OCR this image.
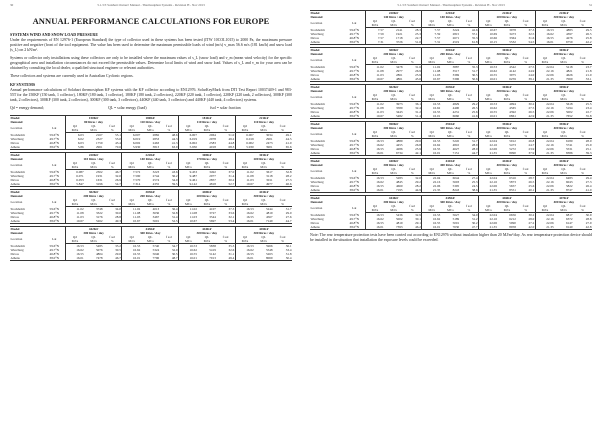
30	5.1.3 E Solahart Owners' Manual - Thermosiphon Systems - Revision H - Nov 2013
ANNUAL PERFORMANCE CALCULATIONS FOR EUROPE
SYSTEMS WIND AND SNOW LOAD PRESSURE
Under the requirements of EN 12976-1 (European Standard) the type of collector used in these systems has been tested (ITW 10COL1015) to 2000 Pa, the maximum pressure positive and negative (front of the tool equipment. The value has been used to determine the maximum permissible loads of wind (m/s) v_max 56.6 m/s (181 km/h) and snow load (s_L) on 2 kN/m².
Systems or collector only installations using these collectors are only to be installed where the maximum values of s_L (snow load) and v_m (mean wind velocity) for the specific geographical area and installation circumstances do not exceed the permissible values. Determine local limits of wind and snow load. Values of s_L and v_m for your area can be obtained by consulting the local dealer, a qualified structural engineer or relevant authorities.
These collectors and systems are currently used in Australian Cyclonic regions.
KF SYSTEMS
Annual performance calculations of Solahart thermosiphon KF systems with the KF collector according to EN12976. SolarKeyMark from DTI Test Report 10037449-1 and 983-55T for the 150KF (150 tank, 1 collector), 180KF (180 tank, 1 collector), 180KF (180 tank, 2 collectors), 220KF (220 tank, 1 collector), 220KF (220 tank, 2 collectors), 300KF (300 tank, 2 collectors), 300KF (300 tank, 2 collectors), 300KF (300 tank, 3 collectors), 440KF (440 tank, 3 collectors) and 440KF (440 tank, 4 collectors) systems.
Qd = energy demand;	QL = solar energy (load)	fsol = solar fraction
Model		150KF			180KF			181KF			221KF		
Demand		80 litres / day			110 litres / day			110 litres / day			110 litres / day		
Location	Lat	Qd	QL	f sol	Qd	QL	f sol	Qd	QL	f sol	Qd	QL	f sol
		MJ/a	MJ/a	%	MJ/a	MJ/a	%	MJ/a	MJ/a	%	MJ/a	MJ/a	%
Stockholm	59.6°N	6.03	2167	55.1	6.007	2882	48.6	6.007	2964	51.0	6.007	3034	49.1
Wurzburg	49.7°N	6.02	2327	53.0	6.019	2853	44.3	6.019	2978	49.2	6.019	2901	44.5
Davos	46.8°N	6.03	1759	43.4	6.002	2463	41.3	6.002	2583	44.8	6.002	2473	41.0
Athens	38.0°N	5.86	2961	70.6	5.930	3813	63.9	5.930	4018	68.3	5.930	3901	65.6
Model		220KF			222KF			300KF			301KF		
Demand		110 litres / day			140 litres / day			170 litres / day			200 litres / day		
Location	Lat	Qd	QL	f sol	Qd	QL	f sol	Qd	QL	f sol	Qd	QL	f sol
		MJ/a	MJ/a	%	MJ/a	MJ/a	%	MJ/a	MJ/a	%	MJ/a	MJ/a	%
Stockholm	59.6°N	6.087	2302	46.7	7.572	3223	43.6	9.453	3492	37.0	11.02	3617	32.8
Wurzburg	49.7°N	6.071	1931	32.0	7.590	2744	36.2	9.487	2977	31.4	11.08	3118	28.2
Davos	46.8°N	6.053	1631	26.9	7.570	2574	34.0	9.461	2857	30.2	11.03	3011	27.3
Athens	38.0°N	5.847	3196	54.7	7.314	4355	59.5	9.142	4818	52.7	10.67	4977	46.6
Model		302KF			303KF			440KF			441KF		
Demand		200 litres / day			200 litres / day			200 litres / day			300 litres / day		
Location	Lat	Qd	QL	f sol	Qd	QL	f sol	Qd	QL	f sol	Qd	QL	f sol
		MJ/a	MJ/a	%	MJ/a	MJ/a	%	MJ/a	MJ/a	%	MJ/a	MJ/a	%
Stockholm	59.6°N	11.02	3748	34.0	11.02	4013	36.4	11.02	4107	37.3	16.53	5244	31.7
Wurzburg	49.7°N	11.08	3322	30.0	11.08	3636	32.8	11.08	3727	33.6	16.62	4819	29.0
Davos	46.8°N	11.03	3176	28.8	11.03	3467	31.4	11.03	3544	32.1	16.55	4567	27.6
Athens	38.0°N	10.67	5262	49.3	10.67	5601	52.5	10.67	5697	53.4	16.01	7149	44.7
Model		442KF			443KF			444KF			445KF		
Demand		300 litres / day			300 litres / day			300 litres / day			300 litres / day		
Location	Lat	Qd	QL	f sol	Qd	QL	f sol	Qd	QL	f sol	Qd	QL	f sol
		MJ/a	MJ/a	%	MJ/a	MJ/a	%	MJ/a	MJ/a	%	MJ/a	MJ/a	%
Stockholm	59.6°N	16.53	5485	33.2	16.53	5740	34.7	16.53	5838	35.3	16.53	5966	36.1
Wurzburg	49.7°N	16.62	5076	30.5	16.62	5324	32.0	16.62	5419	32.6	16.62	5548	33.4
Davos	46.8°N	16.55	4804	29.0	16.55	5046	30.5	16.55	5142	31.1	16.55	5263	31.8
Athens	38.0°N	16.01	7478	46.7	16.01	7796	48.7	16.01	7913	49.4	16.01	8069	50.4
5.1.3 E Solahart Owners' Manual - Thermosiphon Systems - Revision H - Nov 2013	31
Model		220KF			221KF			222KF			223KF		
Demand		140 litres / day			140 litres / day			200 litres / day			300 litres / day		
Location	Lat	Qd	QL	f sol	Qd	QL	f sol	Qd	QL	f sol	Qd	QL	f sol
		MJ/a	MJ/a	%	MJ/a	MJ/a	%	MJ/a	MJ/a	%	MJ/a	MJ/a	%
Stockholm	59.6°N	7.57	2141	28.3	7.57	3224	42.6	10.67	3978	37.3	16.53	4883	29.5
Wurzburg	49.7°N	7.59	1921	25.3	7.59	2815	37.1	10.69	3473	32.5	16.62	4397	26.5
Davos	46.8°N	7.57	1718	22.7	7.57	2671	35.3	10.66	3364	31.6	16.55	4276	25.8
Athens	38.0°N	7.31	3726	51.0	7.31	4519	61.8	10.15	5532	54.5	16.01	6759	42.2
Model		300KF			301KF			302KF			303KF		
Demand		200 litres / day			200 litres / day			300 litres / day			400 litres / day		
Location	Lat	Qd	QL	f sol	Qd	QL	f sol	Qd	QL	f sol	Qd	QL	f sol
		MJ/a	MJ/a	%	MJ/a	MJ/a	%	MJ/a	MJ/a	%	MJ/a	MJ/a	%
Stockholm	59.6°N	11.02	3478	31.6	11.02	3887	35.3	16.53	4542	27.5	22.04	5218	23.7
Wurzburg	49.7°N	11.08	2977	26.9	11.08	3517	31.7	16.62	4142	24.9	22.16	4821	21.8
Davos	46.8°N	11.03	2861	25.9	11.03	3369	30.5	16.55	3975	24.0	22.06	4626	21.0
Athens	38.0°N	10.67	4861	45.6	10.67	5396	50.6	16.01	6259	39.1	21.35	7069	33.1
Model		302KF			303KF			304KF			305KF		
Demand		200 litres / day			300 litres / day			300 litres / day			400 litres / day		
Location	Lat	Qd	QL	f sol	Qd	QL	f sol	Qd	QL	f sol	Qd	QL	f sol
		MJ/a	MJ/a	%	MJ/a	MJ/a	%	MJ/a	MJ/a	%	MJ/a	MJ/a	%
Stockholm	59.6°N	11.02	3973	36.1	16.53	4829	29.2	16.53	4994	30.2	22.04	5618	25.5
Wurzburg	49.7°N	11.08	3589	32.4	16.62	4400	26.5	16.62	4565	27.5	22.16	5194	23.4
Davos	46.8°N	11.03	3443	31.2	16.55	4231	25.6	16.55	4392	26.5	22.06	5002	22.7
Athens	38.0°N	10.67	5482	51.4	16.01	6660	41.6	16.01	6861	42.9	21.35	7652	35.8
Model		390KF			391KF			392KF			393KF		
Demand		300 litres / day			300 litres / day			400 litres / day			400 litres / day		
Location	Lat	Qd	QL	f sol	Qd	QL	f sol	Qd	QL	f sol	Qd	QL	f sol
		MJ/a	MJ/a	%	MJ/a	MJ/a	%	MJ/a	MJ/a	%	MJ/a	MJ/a	%
Stockholm	59.6°N	16.53	4889	29.6	16.53	5245	31.7	22.04	5912	26.8	22.04	6180	28.0
Wurzburg	49.7°N	16.62	4455	26.8	16.62	4810	28.9	22.16	5473	24.7	22.16	5741	25.9
Davos	46.8°N	16.55	4286	25.9	16.55	4627	28.0	22.06	5272	23.9	22.06	5531	25.1
Athens	38.0°N	16.01	6734	42.1	16.01	7151	44.7	21.35	8090	37.9	21.35	8386	39.3
Model		440KF			441KF			442KF			443KF		
Demand		300 litres / day			400 litres / day			400 litres / day			400 litres / day		
Location	Lat	Qd	QL	f sol	Qd	QL	f sol	Qd	QL	f sol	Qd	QL	f sol
		MJ/a	MJ/a	%	MJ/a	MJ/a	%	MJ/a	MJ/a	%	MJ/a	MJ/a	%
Stockholm	59.6°N	16.53	5283	32.0	22.04	6044	27.4	22.04	6316	28.7	22.04	6483	29.4
Wurzburg	49.7°N	16.62	4845	29.2	22.16	5603	25.3	22.16	5873	26.5	22.16	6043	27.3
Davos	46.8°N	16.55	4660	28.2	22.06	5395	24.5	22.06	5657	25.6	22.06	5822	26.4
Athens	38.0°N	16.01	7195	44.9	21.35	8243	38.6	21.35	8551	40.1	21.35	8747	41.0
Model		444KF			445KF			446KF			447KF		
Demand		300 litres / day			300 litres / day			400 litres / day			400 litres / day		
Location	Lat	Qd	QL	f sol	Qd	QL	f sol	Qd	QL	f sol	Qd	QL	f sol
		MJ/a	MJ/a	%	MJ/a	MJ/a	%	MJ/a	MJ/a	%	MJ/a	MJ/a	%
Stockholm	59.6°N	16.53	5436	32.9	16.53	5627	34.0	22.04	6656	30.2	22.04	6817	30.9
Wurzburg	49.7°N	16.62	5002	30.1	16.62	5189	31.2	22.16	6212	28.0	22.16	6372	28.8
Davos	46.8°N	16.55	4819	29.1	16.55	5001	30.2	22.06	5990	27.2	22.06	6147	27.9
Athens	38.0°N	16.01	7393	46.2	16.01	7630	47.7	21.35	8958	42.0	21.35	9140	42.8
Note: The rear temperature protection tests have been carried out according to EN12976 without insulation higher than 20 MJ/m²/day. As rear temperature protection device should be installed in the situation that installation the exposure levels could be exceeded.
